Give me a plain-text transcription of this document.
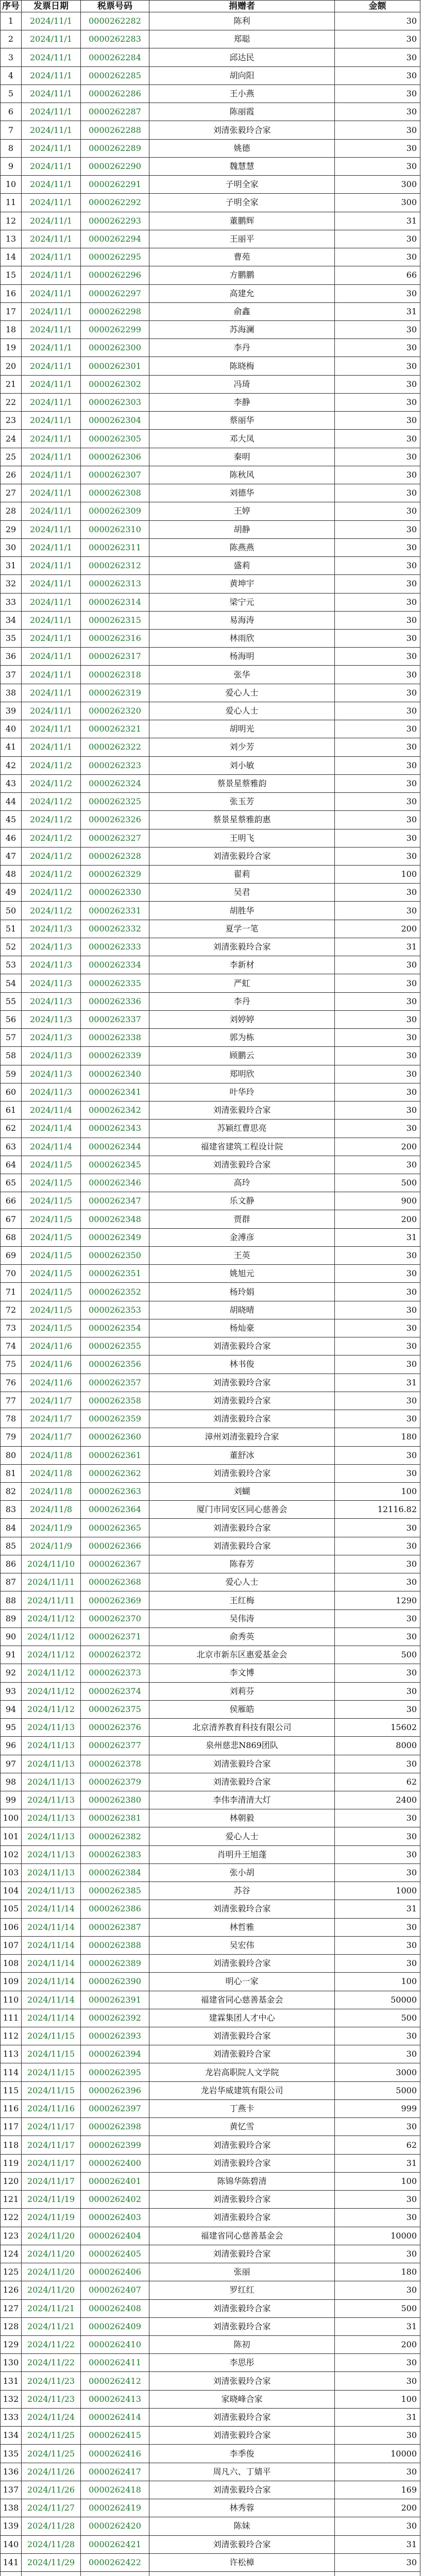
序号	发票日期	税票号码	捐赠者	金额
1	2024/11/1	0000262282	陈利	30
2	2024/11/1	0000262283	郑聪	30
3	2024/11/1	0000262284	邱达民	30
4	2024/11/1	0000262285	胡向阳	30
5	2024/11/1	0000262286	王小燕	30
6	2024/11/1	0000262287	陈丽霞	30
7	2024/11/1	0000262288	刘清张毅玲合家	30
8	2024/11/1	0000262289	姚德	30
9	2024/11/1	0000262290	魏慧慧	30
10	2024/11/1	0000262291	子明全家	300
11	2024/11/1	0000262292	子明全家	300
12	2024/11/1	0000262293	董鹏辉	31
13	2024/11/1	0000262294	王丽平	30
14	2024/11/1	0000262295	曹苑	30
15	2024/11/1	0000262296	方鹏鹏	66
16	2024/11/1	0000262297	高建允	30
17	2024/11/1	0000262298	俞鑫	31
18	2024/11/1	0000262299	苏海澜	30
19	2024/11/1	0000262300	李丹	30
20	2024/11/1	0000262301	陈晓梅	30
21	2024/11/1	0000262302	冯琦	30
22	2024/11/1	0000262303	李静	30
23	2024/11/1	0000262304	蔡丽华	30
24	2024/11/1	0000262305	邓大凤	30
25	2024/11/1	0000262306	秦明	30
26	2024/11/1	0000262307	陈秋风	30
27	2024/11/1	0000262308	刘德华	30
28	2024/11/1	0000262309	王婷	30
29	2024/11/1	0000262310	胡静	30
30	2024/11/1	0000262311	陈燕燕	30
31	2024/11/1	0000262312	盛莉	30
32	2024/11/1	0000262313	黄坤宇	30
33	2024/11/1	0000262314	梁宁元	30
34	2024/11/1	0000262315	易海涛	30
35	2024/11/1	0000262316	林雨欣	30
36	2024/11/1	0000262317	杨海明	30
37	2024/11/1	0000262318	张华	30
38	2024/11/1	0000262319	爱心人士	30
39	2024/11/1	0000262320	爱心人士	30
40	2024/11/1	0000262321	胡明光	30
41	2024/11/1	0000262322	刘少芳	30
42	2024/11/2	0000262323	刘小敏	30
43	2024/11/2	0000262324	蔡景星蔡雅韵	30
44	2024/11/2	0000262325	张玉芳	30
45	2024/11/2	0000262326	蔡景星蔡雅韵惠	30
46	2024/11/2	0000262327	王明飞	30
47	2024/11/2	0000262328	刘清张毅玲合家	30
48	2024/11/2	0000262329	翟莉	100
49	2024/11/2	0000262330	吴君	30
50	2024/11/2	0000262331	胡胜华	30
51	2024/11/3	0000262332	夏学一笔	200
52	2024/11/3	0000262333	刘清张毅玲合家	31
53	2024/11/3	0000262334	李新材	30
54	2024/11/3	0000262335	严虹	30
55	2024/11/3	0000262336	李丹	30
56	2024/11/3	0000262337	刘婷婷	30
57	2024/11/3	0000262338	郭为栋	30
58	2024/11/3	0000262339	顾鹏云	30
59	2024/11/3	0000262340	郑明欣	30
60	2024/11/3	0000262341	叶华玲	30
61	2024/11/4	0000262342	刘清张毅玲合家	30
62	2024/11/4	0000262343	苏颖红曹思亮	30
63	2024/11/4	0000262344	福建省建筑工程设计院	200
64	2024/11/5	0000262345	刘清张毅玲合家	30
65	2024/11/5	0000262346	高玲	500
66	2024/11/5	0000262347	乐文静	900
67	2024/11/5	0000262348	贾群	200
68	2024/11/5	0000262349	金溥彦	31
69	2024/11/5	0000262350	王英	30
70	2024/11/5	0000262351	姚旭元	30
71	2024/11/5	0000262352	杨玲娟	30
72	2024/11/5	0000262353	胡晓晴	30
73	2024/11/5	0000262354	杨灿豪	30
74	2024/11/6	0000262355	刘清张毅玲合家	30
75	2024/11/6	0000262356	林书俊	30
76	2024/11/6	0000262357	刘清张毅玲合家	31
77	2024/11/7	0000262358	刘清张毅玲合家	30
78	2024/11/7	0000262359	刘清张毅玲合家	30
79	2024/11/7	0000262360	漳州刘清张毅玲合家	180
80	2024/11/8	0000262361	董舒冰	30
81	2024/11/8	0000262362	刘清张毅玲合家	30
82	2024/11/8	0000262363	刘蝴	100
83	2024/11/8	0000262364	厦门市同安区同心慈善会	12116.82
84	2024/11/9	0000262365	刘清张毅玲合家	30
85	2024/11/9	0000262366	刘清张毅玲合家	30
86	2024/11/10	0000262367	陈春芳	30
87	2024/11/11	0000262368	爱心人士	30
88	2024/11/11	0000262369	王红梅	1290
89	2024/11/12	0000262370	吴伟涛	30
90	2024/11/12	0000262371	俞秀英	30
91	2024/11/12	0000262372	北京市新东区惠爱基金会	500
92	2024/11/12	0000262373	李文博	30
93	2024/11/12	0000262374	刘莉芬	30
94	2024/11/12	0000262375	侯雁皓	30
95	2024/11/13	0000262376	北京清养教育科技有限公司	15602
96	2024/11/13	0000262377	泉州慈悲N869团队	8000
97	2024/11/13	0000262378	刘清张毅玲合家	30
98	2024/11/13	0000262379	刘清张毅玲合家	62
99	2024/11/13	0000262380	李伟李清清大灯	2400
100	2024/11/13	0000262381	林朝毅	30
101	2024/11/13	0000262382	爱心人士	30
102	2024/11/13	0000262383	肖明升王旭蓬	30
103	2024/11/13	0000262384	张小胡	30
104	2024/11/13	0000262385	苏谷	1000
105	2024/11/14	0000262386	刘清张毅玲合家	31
106	2024/11/14	0000262387	林哲雅	30
107	2024/11/14	0000262388	吴宏伟	30
108	2024/11/14	0000262389	刘清张毅玲合家	30
109	2024/11/14	0000262390	明心一家	100
110	2024/11/14	0000262391	福建省同心慈善基金会	50000
111	2024/11/14	0000262392	建霖集团人才中心	500
112	2024/11/15	0000262393	刘清张毅玲合家	30
113	2024/11/15	0000262394	刘清张毅玲合家	30
114	2024/11/15	0000262395	龙岩高职院人文学院	3000
115	2024/11/15	0000262396	龙岩华威建筑有限公司	5000
116	2024/11/16	0000262397	丁燕卡	999
117	2024/11/17	0000262398	黄忆雪	30
118	2024/11/17	0000262399	刘清张毅玲合家	62
119	2024/11/17	0000262400	刘清张毅玲合家	31
120	2024/11/17	0000262401	陈锦华陈碧清	100
121	2024/11/19	0000262402	刘清张毅玲合家	30
122	2024/11/19	0000262403	刘清张毅玲合家	30
123	2024/11/20	0000262404	福建省同心慈善基金会	10000
124	2024/11/20	0000262405	刘清张毅玲合家	30
125	2024/11/20	0000262406	张丽	180
126	2024/11/20	0000262407	罗红红	30
127	2024/11/21	0000262408	刘清张毅玲合家	500
128	2024/11/21	0000262409	刘清张毅玲合家	31
129	2024/11/22	0000262410	陈初	200
130	2024/11/22	0000262411	李思彤	30
131	2024/11/23	0000262412	刘清张毅玲合家	30
132	2024/11/23	0000262413	家晓峰合家	100
133	2024/11/24	0000262414	刘清张毅玲合家	31
134	2024/11/25	0000262415	刘清张毅玲合家	30
135	2024/11/25	0000262416	李季俊	10000
136	2024/11/26	0000262417	周凡六、丁婧平	30
137	2024/11/26	0000262418	刘清张毅玲合家	169
138	2024/11/27	0000262419	林秀蓉	200
139	2024/11/28	0000262420	陈妹	30
140	2024/11/28	0000262421	刘清张毅玲合家	31
141	2024/11/29	0000262422	许松樟	30
